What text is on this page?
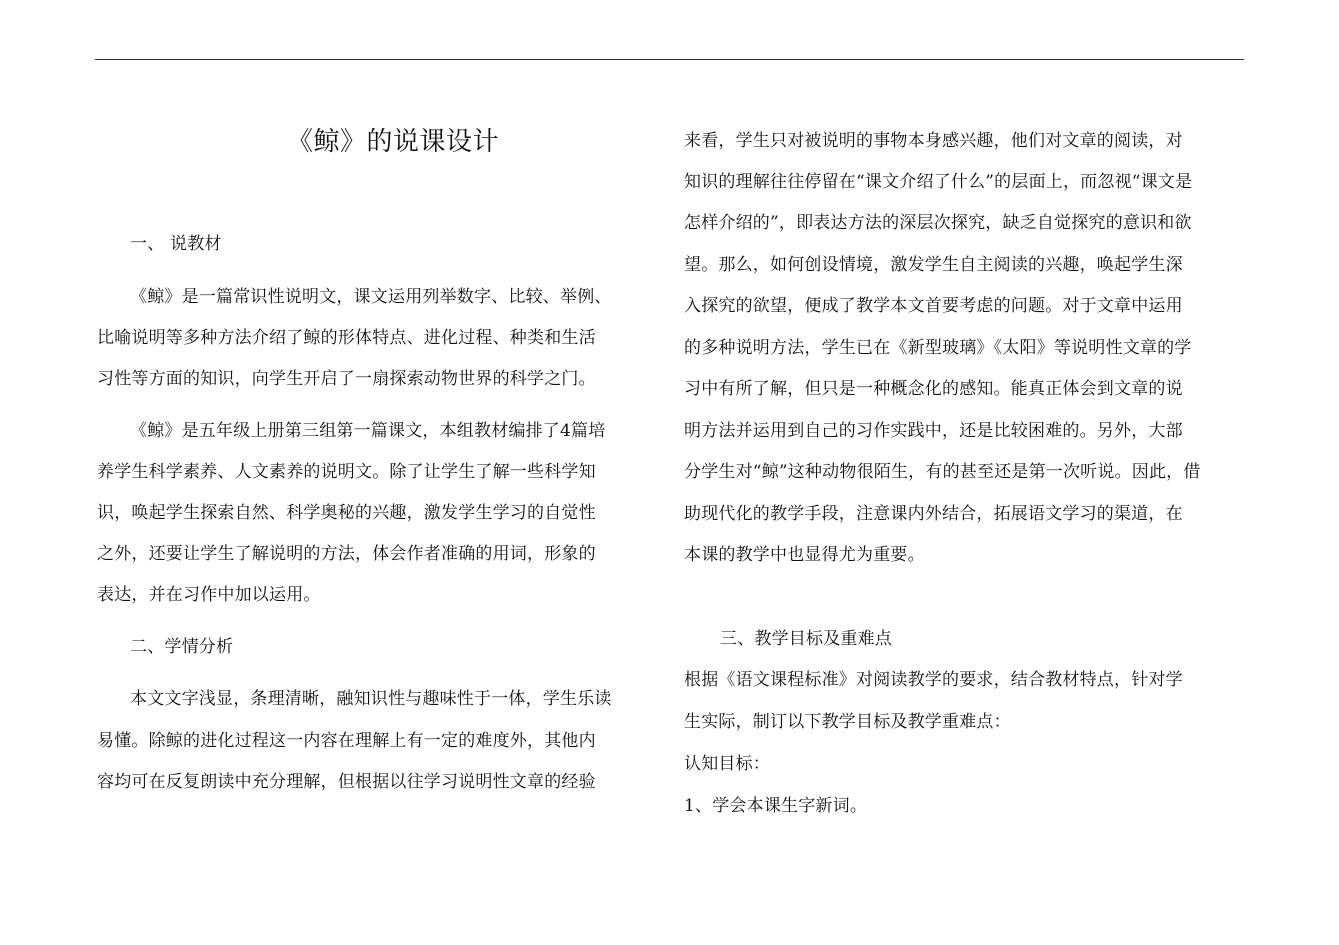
《鲸》的说课设计
一、 说教材
《鲸》是一篇常识性说明文，课文运用列举数字、比较、举例、
比喻说明等多种方法介绍了鲸的形体特点、进化过程、种类和生活
习性等方面的知识，向学生开启了一扇探索动物世界的科学之门。
《鲸》是五年级上册第三组第一篇课文，本组教材编排了4篇培
养学生科学素养、人文素养的说明文。除了让学生了解一些科学知
识，唤起学生探索自然、科学奥秘的兴趣，激发学生学习的自觉性
之外，还要让学生了解说明的方法，体会作者准确的用词，形象的
表达，并在习作中加以运用。
二、学情分析
本文文字浅显，条理清晰，融知识性与趣味性于一体，学生乐读
易懂。除鲸的进化过程这一内容在理解上有一定的难度外，其他内
容均可在反复朗读中充分理解，但根据以往学习说明性文章的经验
来看，学生只对被说明的事物本身感兴趣，他们对文章的阅读，对
知识的理解往往停留在“课文介绍了什么”的层面上，而忽视“课文是
怎样介绍的”，即表达方法的深层次探究，缺乏自觉探究的意识和欲
望。那么，如何创设情境，激发学生自主阅读的兴趣，唤起学生深
入探究的欲望，便成了教学本文首要考虑的问题。对于文章中运用
的多种说明方法，学生已在《新型玻璃》《太阳》等说明性文章的学
习中有所了解，但只是一种概念化的感知。能真正体会到文章的说
明方法并运用到自己的习作实践中，还是比较困难的。另外，大部
分学生对“鲸”这种动物很陌生，有的甚至还是第一次听说。因此，借
助现代化的教学手段，注意课内外结合，拓展语文学习的渠道，在
本课的教学中也显得尤为重要。
三、教学目标及重难点
根据《语文课程标准》对阅读教学的要求，结合教材特点，针对学
生实际，制订以下教学目标及教学重难点：
认知目标：
1、学会本课生字新词。
